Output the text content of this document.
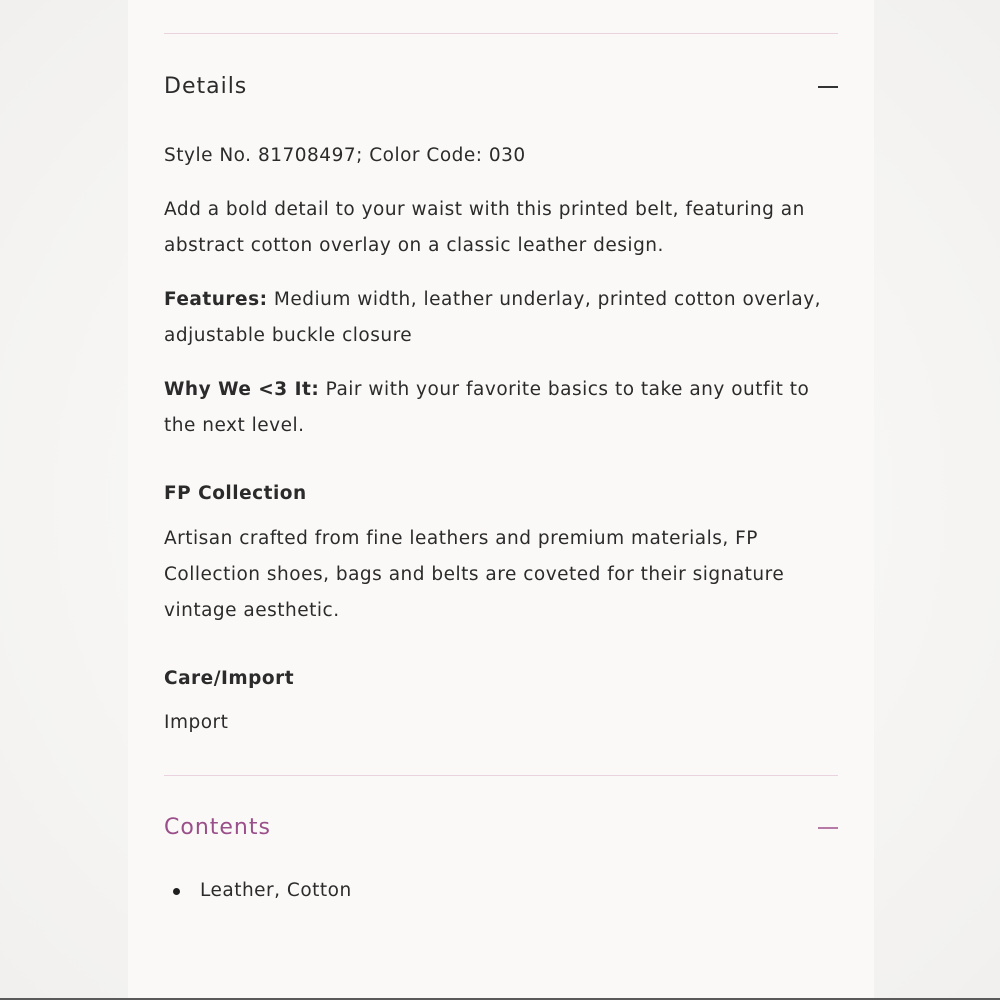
Details

Style No. 81708497; Color Code: 030

Add a bold detail to your waist with this printed belt, featuring an abstract cotton overlay on a classic leather design.

Features: Medium width, leather underlay, printed cotton overlay, adjustable buckle closure

Why We <3 It: Pair with your favorite basics to take any outfit to the next level.

FP Collection

Artisan crafted from fine leathers and premium materials, FP Collection shoes, bags and belts are coveted for their signature vintage aesthetic.

Care/Import

Import

Contents
Leather, Cotton
